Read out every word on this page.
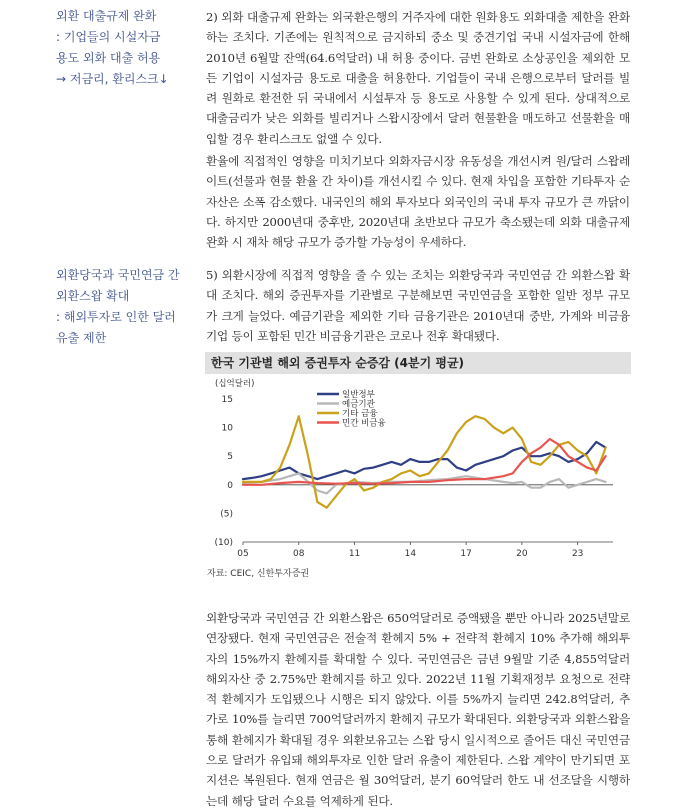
외환 대출규제 완화
: 기업들의 시설자금
용도 외화 대출 허용
→ 저금리, 환리스크↓
외환당국과 국민연금 간
외환스왑 확대
: 해외투자로 인한 달러
유출 제한

2) 외화 대출규제 완화는 외국환은행의 거주자에 대한 원화용도 외화대출 제한을 완화하는 조치다. 기존에는 원칙적으로 금지하되 중소 및 중견기업 국내 시설자금에 한해 2010년 6월말 잔액(64.6억달러) 내 허용 중이다. 금번 완화로 소상공인을 제외한 모든 기업이 시설자금 용도로 대출을 허용한다. 기업들이 국내 은행으로부터 달러를 빌려 원화로 환전한 뒤 국내에서 시설투자 등 용도로 사용할 수 있게 된다. 상대적으로 대출금리가 낮은 외화를 빌리거나 스왑시장에서 달러 현물환을 매도하고 선물환을 매입할 경우 환리스크도 없앨 수 있다.

환율에 직접적인 영향을 미치기보다 외화자금시장 유동성을 개선시켜 원/달러 스왑레이트(선물과 현물 환율 간 차이)를 개선시킬 수 있다. 현재 차입을 포함한 기타투자 순자산은 소폭 감소했다. 내국인의 해외 투자보다 외국인의 국내 투자 규모가 큰 까닭이다. 하지만 2000년대 중후반, 2020년대 초반보다 규모가 축소됐는데 외화 대출규제 완화 시 재차 해당 규모가 증가할 가능성이 우세하다.

5) 외환시장에 직접적 영향을 줄 수 있는 조치는 외환당국과 국민연금 간 외환스왑 확대 조치다. 해외 증권투자를 기관별로 구분해보면 국민연금을 포함한 일반 정부 규모가 크게 늘었다. 예금기관을 제외한 기타 금융기관은 2010년대 중반, 가계와 비금융기업 등이 포함된 민간 비금융기관은 코로나 전후 확대됐다.

한국 기관별 해외 증권투자 순증감 (4분기 평균)
(십억달러)
15
10
5
0
(5)
(10)
05	08	11	14	17	20	23
일반정부
예금기관
기타 금융
민간 비금융
자료: CEIC, 신한투자증권

외환당국과 국민연금 간 외환스왑은 650억달러로 증액됐을 뿐만 아니라 2025년말로 연장됐다. 현재 국민연금은 전술적 환헤지 5% + 전략적 환헤지 10% 추가해 해외투자의 15%까지 환헤지를 확대할 수 있다. 국민연금은 금년 9월말 기준 4,855억달러 해외자산 중 2.75%만 환헤지를 하고 있다. 2022년 11월 기획재정부 요청으로 전략적 환헤지가 도입됐으나 시행은 되지 않았다. 이를 5%까지 늘리면 242.8억달러, 추가로 10%를 늘리면 700억달러까지 환헤지 규모가 확대된다. 외환당국과 외환스왑을 통해 환헤지가 확대될 경우 외환보유고는 스왑 당시 일시적으로 줄어든 대신 국민연금으로 달러가 유입돼 해외투자로 인한 달러 유출이 제한된다. 스왑 계약이 만기되면 포지션은 복원된다. 현재 연금은 월 30억달러, 분기 60억달러 한도 내 선조달을 시행하는데 해당 달러 수요를 억제하게 된다.
